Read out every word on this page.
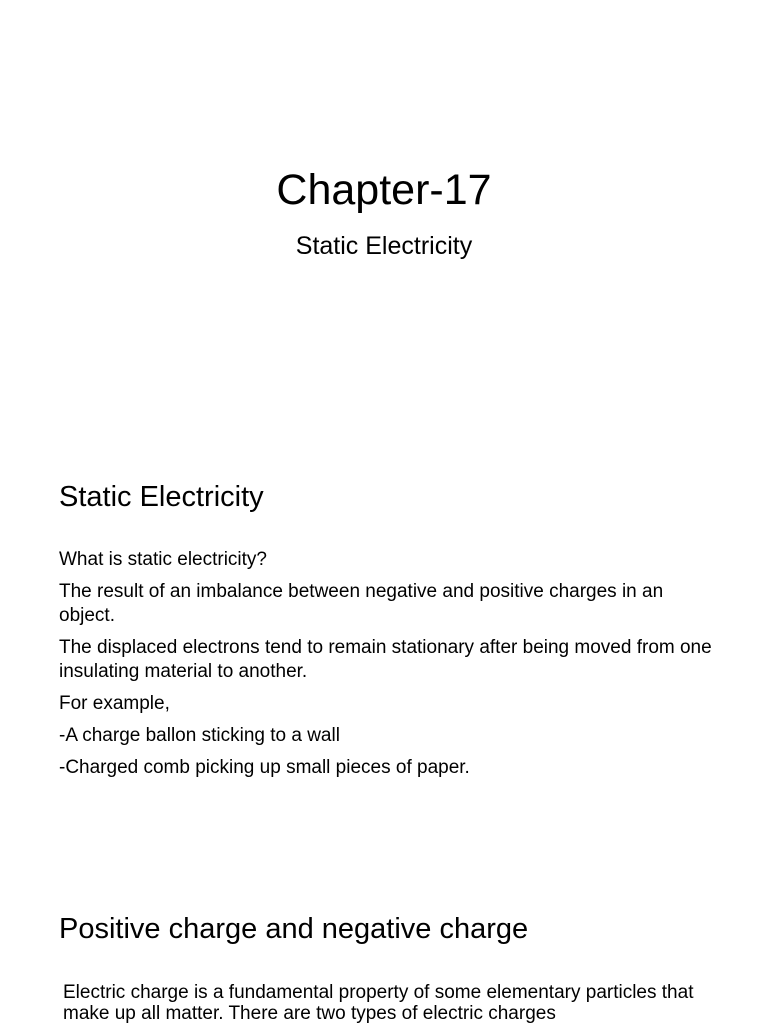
Chapter-17
Static Electricity
Static Electricity

What is static electricity?

The result of an imbalance between negative and positive charges in an object.

The displaced electrons tend to remain stationary after being moved from one insulating material to another.

For example,

-A charge ballon sticking to a wall

-Charged comb picking up small pieces of paper.

Positive charge and negative charge
Electric charge is a fundamental property of some elementary particles that make up all matter. There are two types of electric charges
